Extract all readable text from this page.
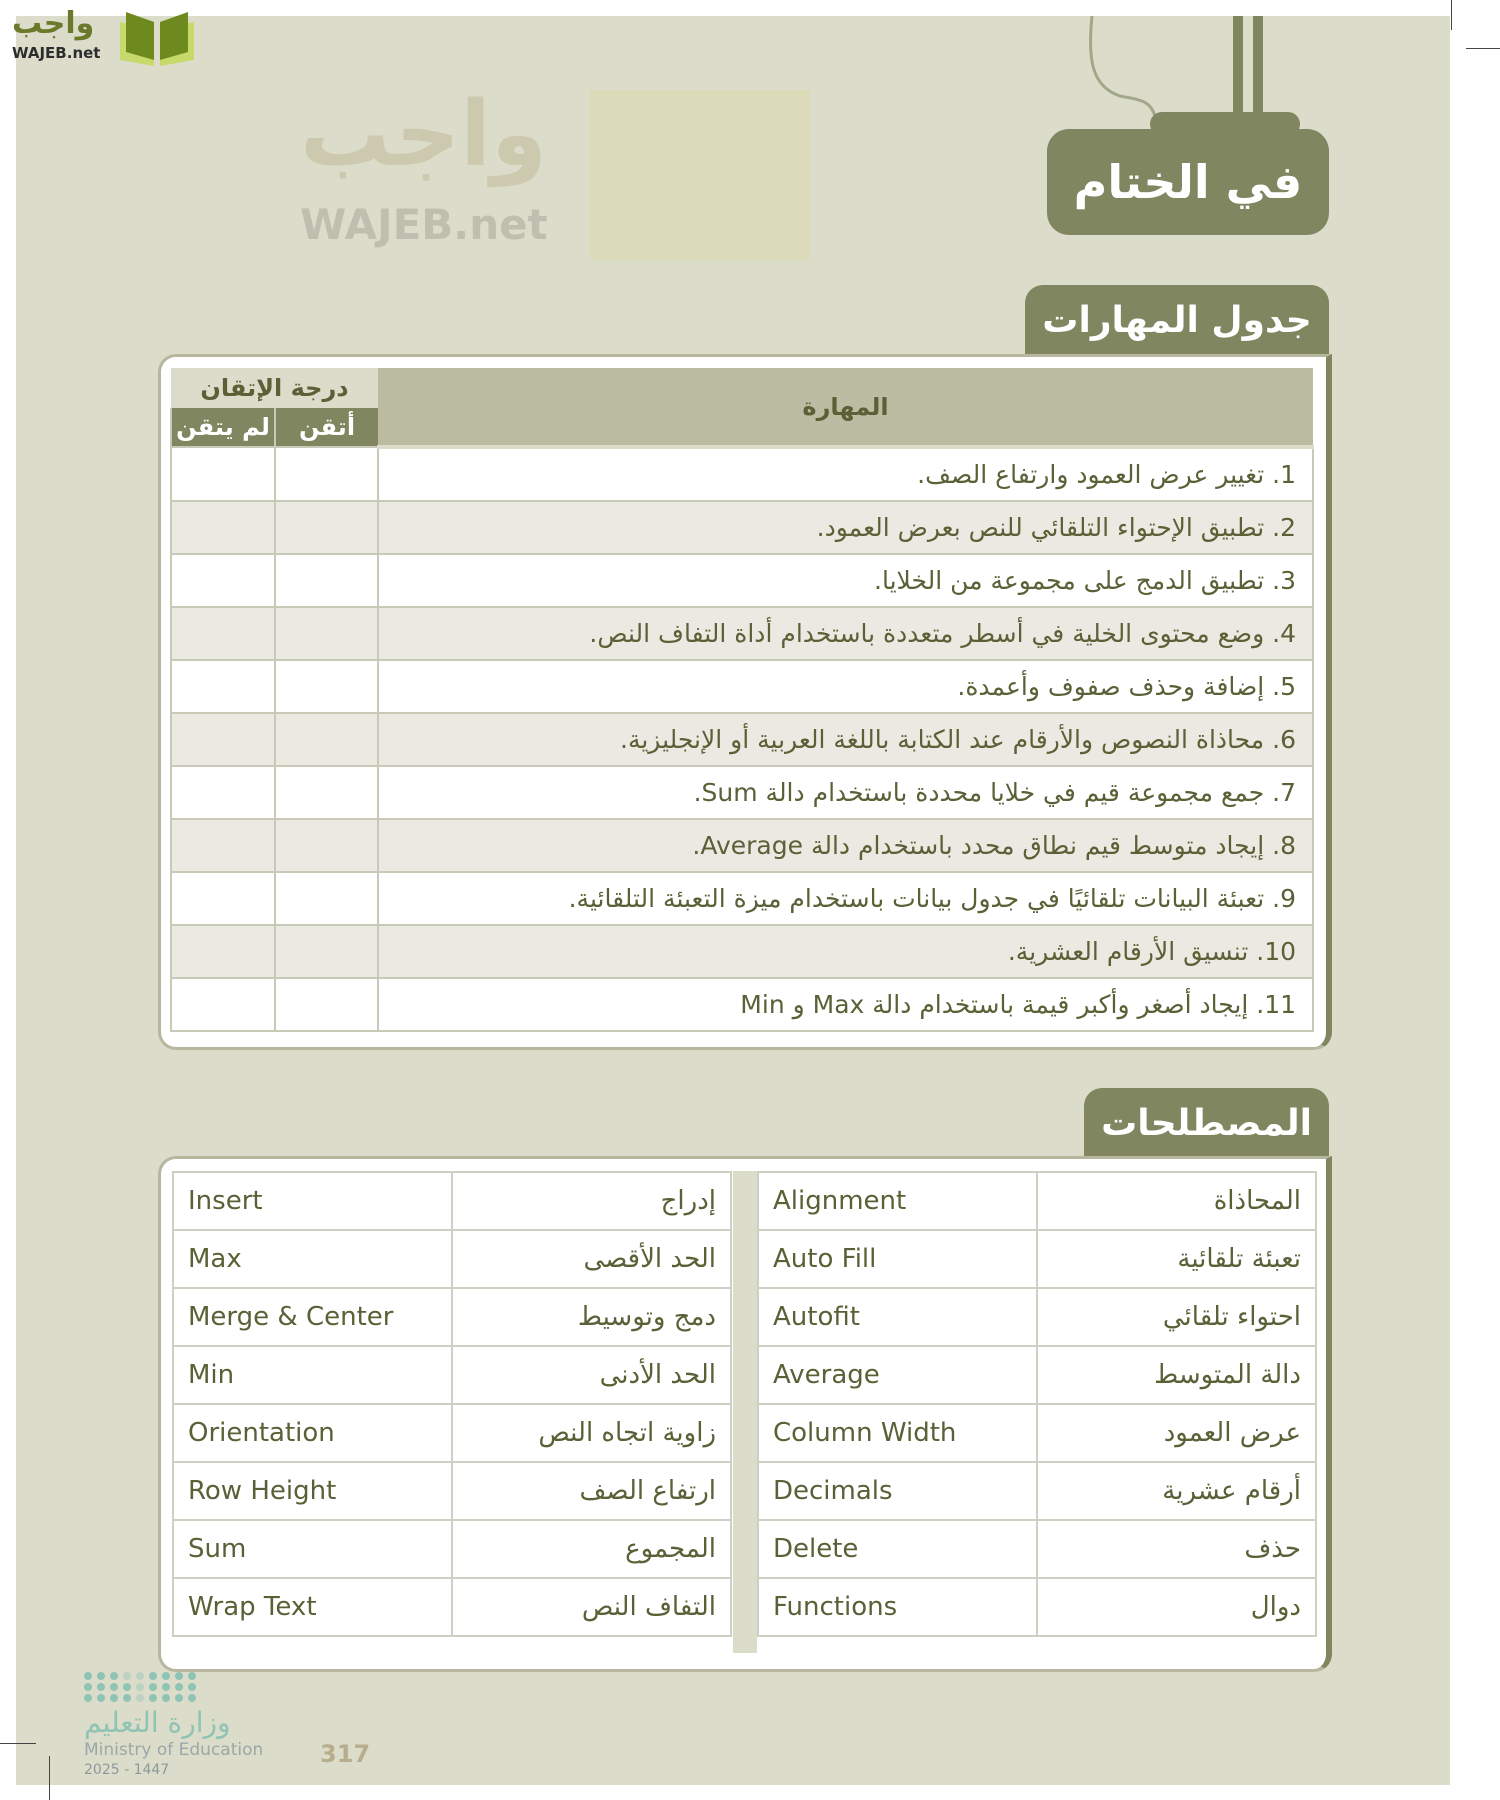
واجب
WAJEB.net
في الختام
جدول المهارات
المهارة	درجة الإتقان	
	أتقن	لم يتقن
1. تغيير عرض العمود وارتفاع الصف.		
2. تطبيق الإحتواء التلقائي للنص بعرض العمود.		
3. تطبيق الدمج على مجموعة من الخلايا.		
4. وضع محتوى الخلية في أسطر متعددة باستخدام أداة التفاف النص.		
5. إضافة وحذف صفوف وأعمدة.		
6. محاذاة النصوص والأرقام عند الكتابة باللغة العربية أو الإنجليزية.		
7. جمع مجموعة قيم في خلايا محددة باستخدام دالة Sum.		
8. إيجاد متوسط قيم نطاق محدد باستخدام دالة Average.		
9. تعبئة البيانات تلقائيًا في جدول بيانات باستخدام ميزة التعبئة التلقائية.		
10. تنسيق الأرقام العشرية.		
11. إيجاد أصغر وأكبر قيمة باستخدام دالة Max و Min		
المصطلحات
المحاذاة	Alignment
تعبئة تلقائية	Auto Fill
احتواء تلقائي	Autofit
دالة المتوسط	Average
عرض العمود	Column Width
أرقام عشرية	Decimals
حذف	Delete
دوال	Functions
إدراج	Insert
الحد الأقصى	Max
دمج وتوسيط	Merge & Center
الحد الأدنى	Min
زاوية اتجاه النص	Orientation
ارتفاع الصف	Row Height
المجموع	Sum
التفاف النص	Wrap Text
واجب
WAJEB.net
وزارة التعليم
Ministry of Education
2025 - 1447
317
